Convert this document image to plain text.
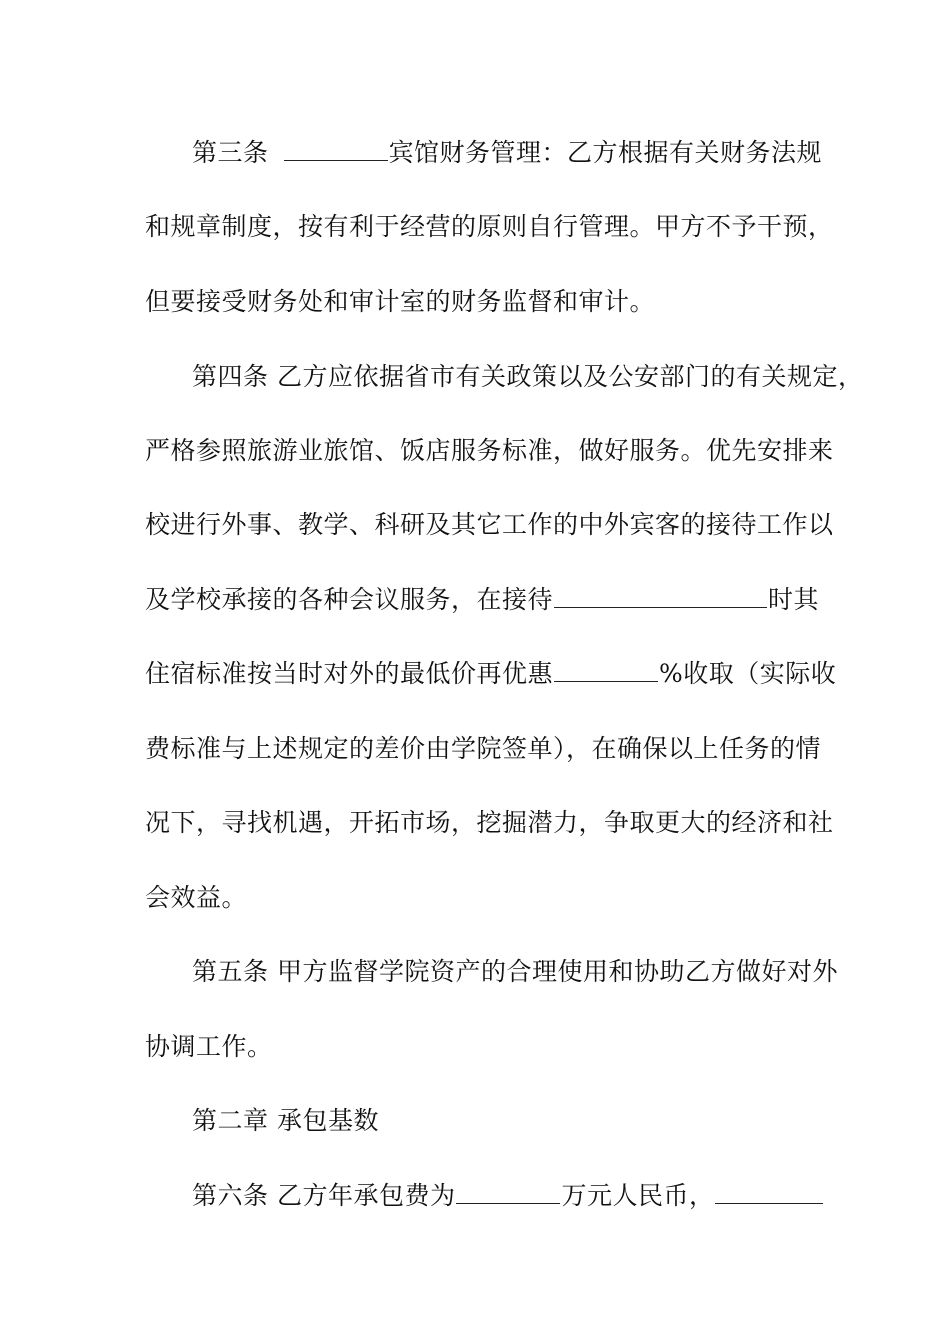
第三条	宾馆财务管理：乙方根据有关财务法规
和规章制度，按有利于经营的原则自行管理。甲方不予干预，
但要接受财务处和审计室的财务监督和审计。
第四条 乙方应依据省市有关政策以及公安部门的有关规定，
严格参照旅游业旅馆、饭店服务标准，做好服务。优先安排来
校进行外事、教学、科研及其它工作的中外宾客的接待工作以
及学校承接的各种会议服务，在接待	时其
住宿标准按当时对外的最低价再优惠	%收取（实际收
费标准与上述规定的差价由学院签单），在确保以上任务的情
况下，寻找机遇，开拓市场，挖掘潜力，争取更大的经济和社
会效益。
第五条 甲方监督学院资产的合理使用和协助乙方做好对外
协调工作。
第二章 承包基数
第六条 乙方年承包费为	万元人民币，
